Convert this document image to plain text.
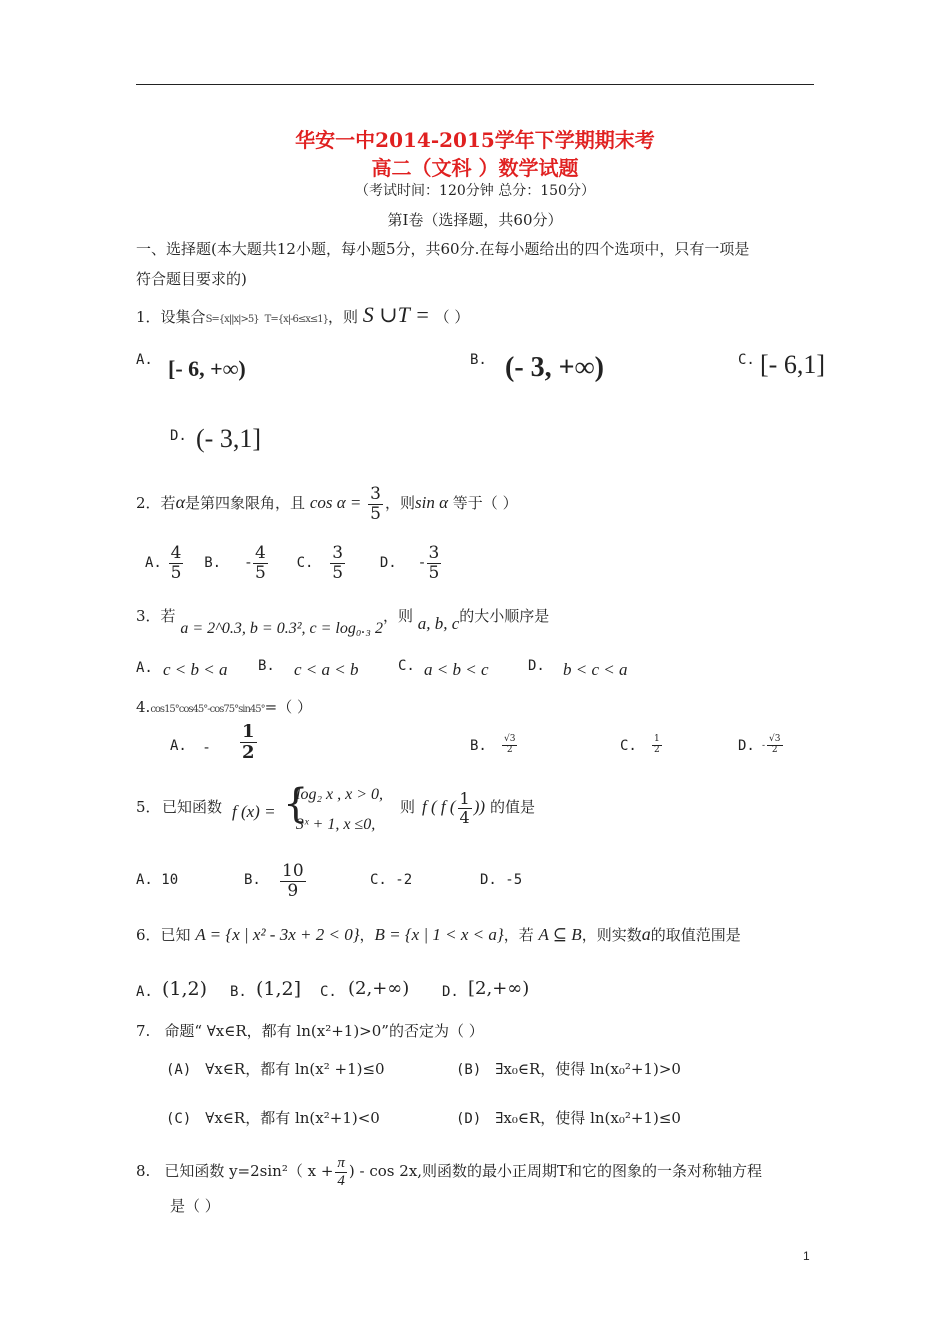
华安一中2014-2015学年下学期期末考
高二（文科 ）数学试题
（考试时间：120分钟 总分：150分）
第Ⅰ卷（选择题，共60分）
一、选择题(本大题共12小题，每小题5分，共60分.在每小题给出的四个选项中，只有一项是
符合题目要求的)
1．设集合S={x||x|>5} T={x|-6≤x≤1}，则 S ∪T = （ ）
A. [- 6, +∞)	B. (- 3, +∞)	C. [- 6,1]
D. (- 3,1]
2．若α是第四象限角，且 $\cos \alpha = \frac{3}{5}$ ，则sin α 等于（ ）
A. $\frac{4}{5} B$. - $\frac{4}{5} C$. $\frac{3}{5} D$. - $\frac{3}{5}$
3．若 a = 2^0.3, b = 0.3², c = log₀.₃ 2，则 a, b, c的大小顺序是
A. c < b < a B. c < a < b	C. a < b < c	D. b < c < a
4.cos15°cos45°-cos75°sin45°=（ ）
A. - $\frac{1}{2}$	B. $\frac{√3}{2}$	C. $\frac{1}{2}$	D. - $\frac{√3}{2}$
5． 已知函数 f (x) = {
log₂ x , x > 0,
3ˣ + 1, x ≤0,
则 f ( f ( $\frac{1}{4}$ )) 的值是
A. 10	B. $\frac{10}{9}$	C. -2	D. -5
6．已知 A = {x | x² - 3x + 2 < 0}，B = {x | 1 < x < a}，若 A ⊆ B，则实数a的取值范围是
A. (1,2) B. (1,2] C. (2,+∞) D. [2,+∞)
7. 命题“ ∀x∈R，都有 ln(x²+1)>0”的否定为（ ）
(A) ∀x∈R，都有 ln(x² +1)≤0	(B) ∃x₀∈R，使得 ln(x₀²+1)>0
(C) ∀x∈R，都有 ln(x²+1)<0	(D) ∃x₀∈R，使得 ln(x₀²+1)≤0
8. 已知函数 y=2sin²（ $x + \frac{\pi}{4}$ ) - cos 2x,则函数的最小正周期T和它的图象的一条对称轴方程
是（ ）
1
